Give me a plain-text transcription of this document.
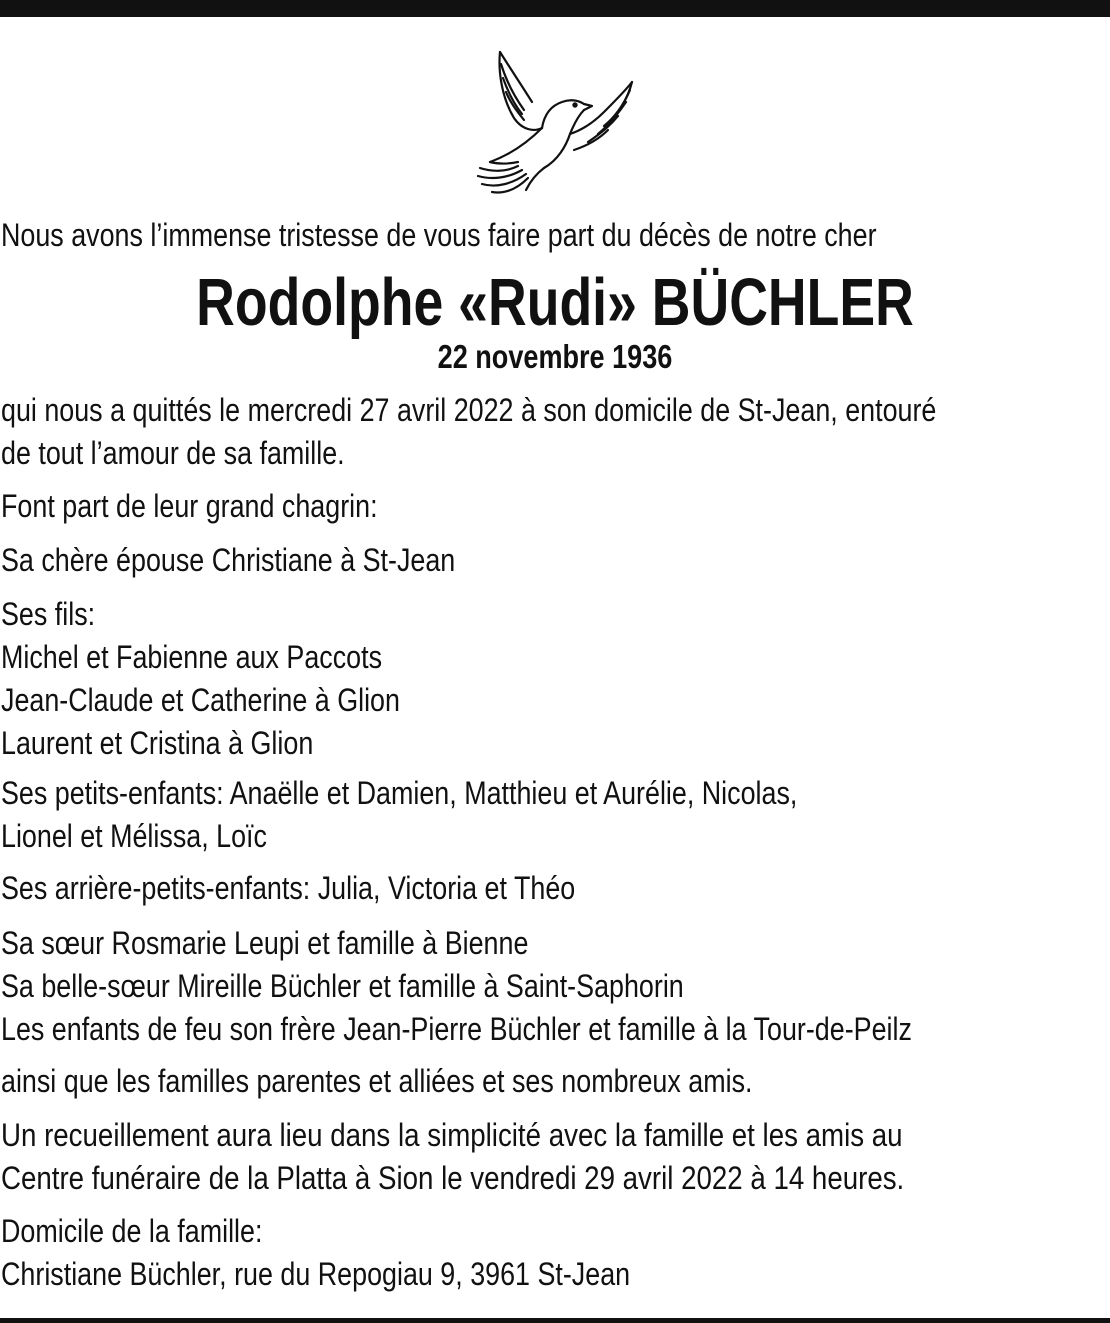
Nous avons l’immense tristesse de vous faire part du décès de notre cher

Rodolphe «Rudi» BÜCHLER

22 novembre 1936

qui nous a quittés le mercredi 27 avril 2022 à son domicile de St-Jean, entouré
de tout l’amour de sa famille.

Font part de leur grand chagrin:

Sa chère épouse Christiane à St-Jean

Ses fils:
Michel et Fabienne aux Paccots
Jean-Claude et Catherine à Glion
Laurent et Cristina à Glion
Ses petits-enfants: Anaëlle et Damien, Matthieu et Aurélie, Nicolas,
Lionel et Mélissa, Loïc

Ses arrière-petits-enfants: Julia, Victoria et Théo

Sa sœur Rosmarie Leupi et famille à Bienne
Sa belle-sœur Mireille Büchler et famille à Saint-Saphorin
Les enfants de feu son frère Jean-Pierre Büchler et famille à la Tour-de-Peilz

ainsi que les familles parentes et alliées et ses nombreux amis.

Un recueillement aura lieu dans la simplicité avec la famille et les amis au
Centre funéraire de la Platta à Sion le vendredi 29 avril 2022 à 14 heures.
Domicile de la famille:
Christiane Büchler, rue du Repogiau 9, 3961 St-Jean
